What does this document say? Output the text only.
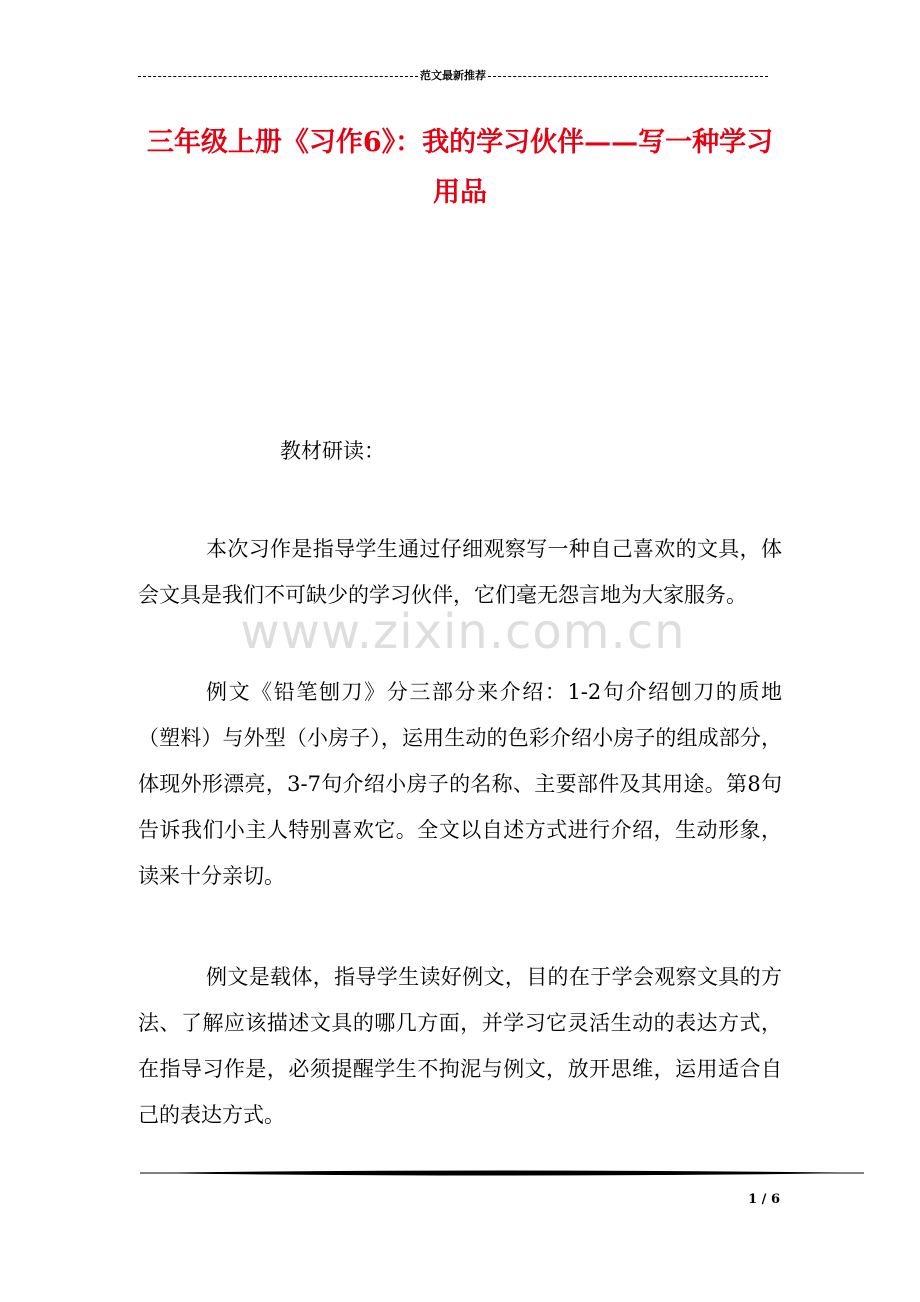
范文最新推荐
三年级上册《习作6》：我的学习伙伴——写一种学习用品

教材研读：

本次习作是指导学生通过仔细观察写一种自己喜欢的文具，体会文具是我们不可缺少的学习伙伴，它们毫无怨言地为大家服务。

www.zixin.com.cn

例文《铅笔刨刀》分三部分来介绍：1-2句介绍刨刀的质地（塑料）与外型（小房子），运用生动的色彩介绍小房子的组成部分，体现外形漂亮，3-7句介绍小房子的名称、主要部件及其用途。第8句告诉我们小主人特别喜欢它。全文以自述方式进行介绍，生动形象，读来十分亲切。

例文是载体，指导学生读好例文，目的在于学会观察文具的方法、了解应该描述文具的哪几方面，并学习它灵活生动的表达方式，在指导习作是，必须提醒学生不拘泥与例文，放开思维，运用适合自己的表达方式。

1 / 6
